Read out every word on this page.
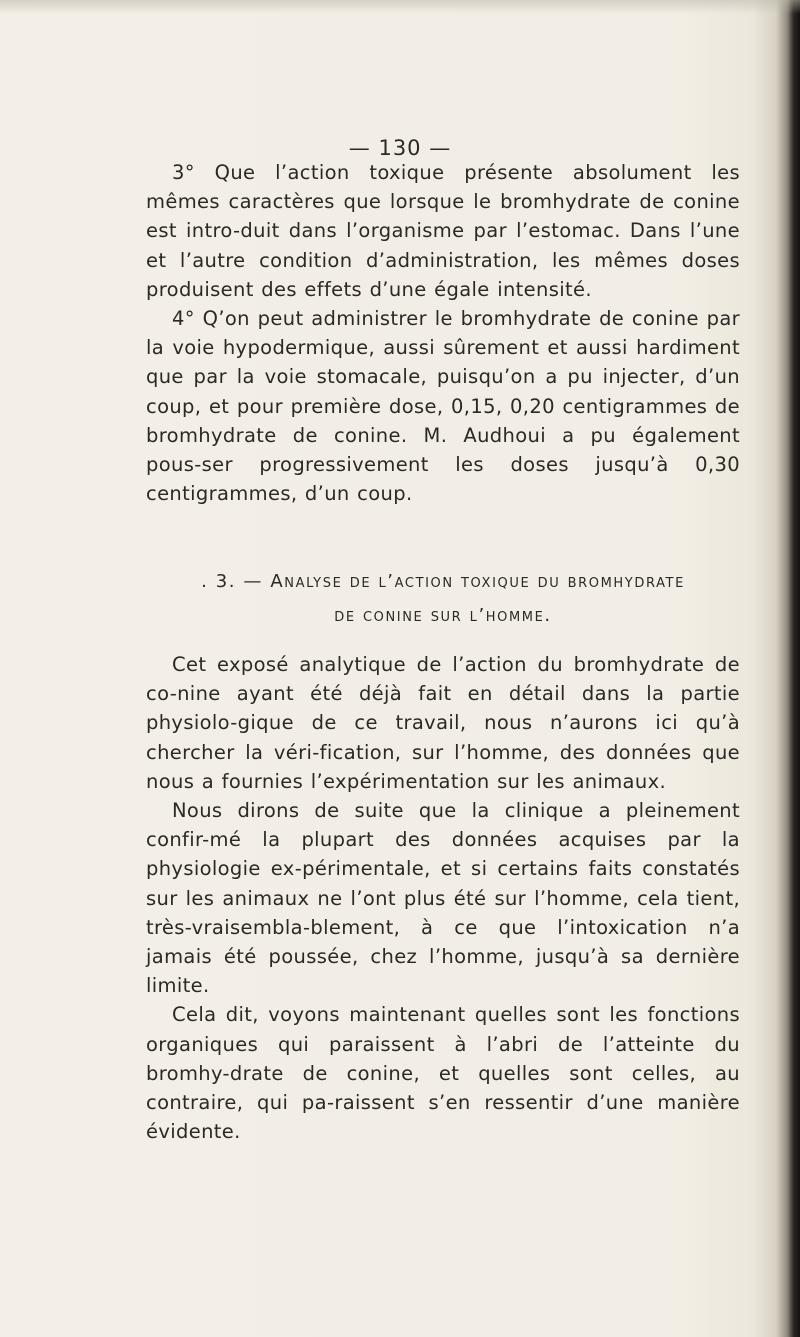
— 130 —

3° Que l’action toxique présente absolument les mêmes caractères que lorsque le bromhydrate de conine est intro-duit dans l’organisme par l’estomac. Dans l’une et l’autre condition d’administration, les mêmes doses produisent des effets d’une égale intensité.

4° Q’on peut administrer le bromhydrate de conine par la voie hypodermique, aussi sûrement et aussi hardiment que par la voie stomacale, puisqu’on a pu injecter, d’un coup, et pour première dose, 0,15, 0,20 centigrammes de bromhydrate de conine. M. Audhoui a pu également pous-ser progressivement les doses jusqu’à 0,30 centigrammes, d’un coup.

. 3. — Analyse de l’action toxique du bromhydrate
de conine sur l’homme.

Cet exposé analytique de l’action du bromhydrate de co-nine ayant été déjà fait en détail dans la partie physiolo-gique de ce travail, nous n’aurons ici qu’à chercher la véri-fication, sur l’homme, des données que nous a fournies l’expérimentation sur les animaux.

Nous dirons de suite que la clinique a pleinement confir-mé la plupart des données acquises par la physiologie ex-périmentale, et si certains faits constatés sur les animaux ne l’ont plus été sur l’homme, cela tient, très-vraisembla-blement, à ce que l’intoxication n’a jamais été poussée, chez l’homme, jusqu’à sa dernière limite.

Cela dit, voyons maintenant quelles sont les fonctions organiques qui paraissent à l’abri de l’atteinte du bromhy-drate de conine, et quelles sont celles, au contraire, qui pa-raissent s’en ressentir d’une manière évidente.
